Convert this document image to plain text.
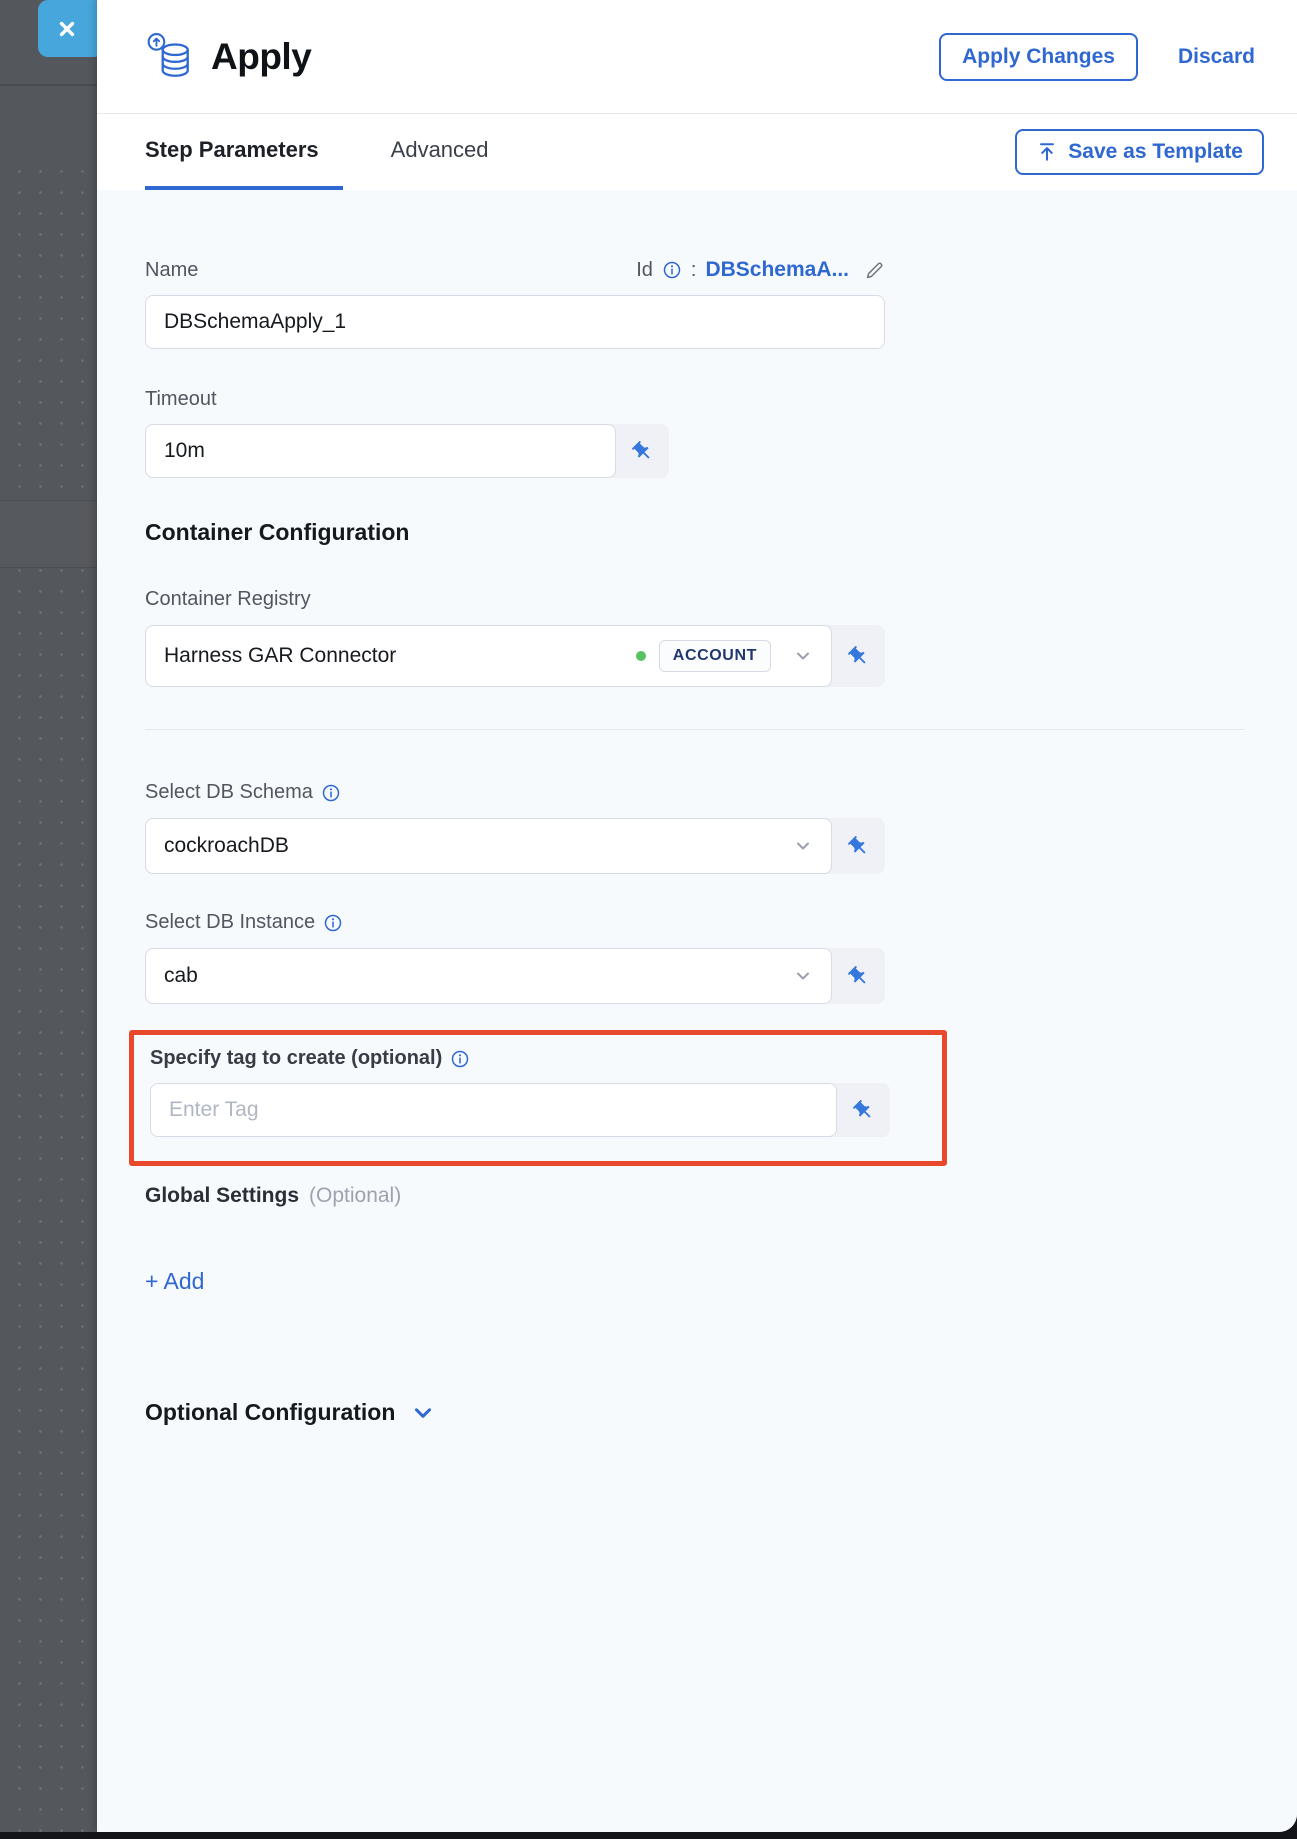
Apply	Apply Changes	Discard
Step Parameters	Advanced	Save as Template
Name	Id : DBSchemaA...
DBSchemaApply_1
Timeout
10m
Container Configuration
Container Registry
Harness GAR Connector	ACCOUNT
Select DB Schema
cockroachDB
Select DB Instance
cab
Specify tag to create (optional)
Enter Tag
Global Settings (Optional)
+ Add
Optional Configuration
